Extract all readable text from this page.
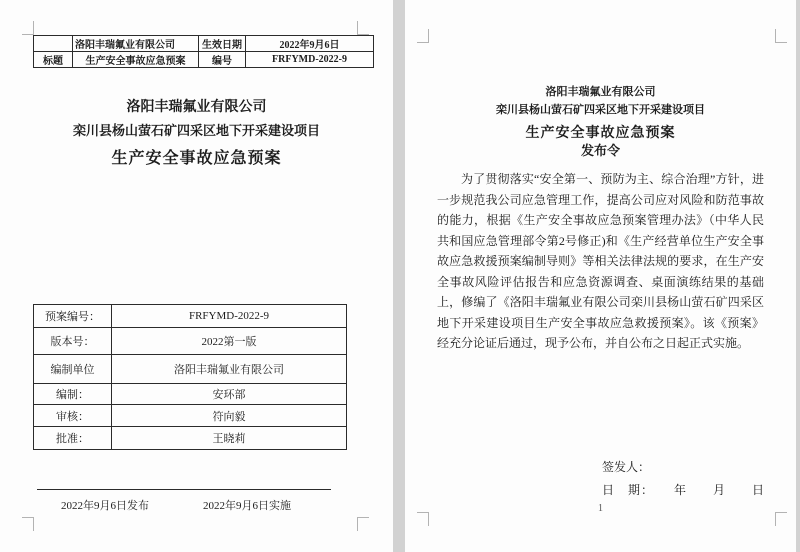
	洛阳丰瑞氟业有限公司	生效日期	2022年9月6日
标题	生产安全事故应急预案	编号	FRFYMD-2022-9
洛阳丰瑞氟业有限公司
栾川县杨山萤石矿四采区地下开采建设项目
生产安全事故应急预案
预案编号：	FRFYMD-2022-9
版本号：	2022第一版
编制单位	洛阳丰瑞氟业有限公司
编制：	安环部
审核：	符向毅
批准：	王晓莉
2022年9月6日发布	2022年9月6日实施
洛阳丰瑞氟业有限公司
栾川县杨山萤石矿四采区地下开采建设项目
生产安全事故应急预案
发布令
为了贯彻落实“安全第一、预防为主、综合治理”方针，进一步规范我公司应急管理工作，提高公司应对风险和防范事故的能力，根据《生产安全事故应急预案管理办法》（中华人民共和国应急管理部令第2号修正)和《生产经营单位生产安全事故应急救援预案编制导则》等相关法律法规的要求，在生产安全事故风险评估报告和应急资源调查、桌面演练结果的基础上，修编了《洛阳丰瑞氟业有限公司栾川县杨山萤石矿四采区地下开采建设项目生产安全事故应急救援预案》。该《预案》经充分论证后通过，现予公布，并自公布之日起正式实施。
签发人：
日　期：　　年　　月　　日
1
